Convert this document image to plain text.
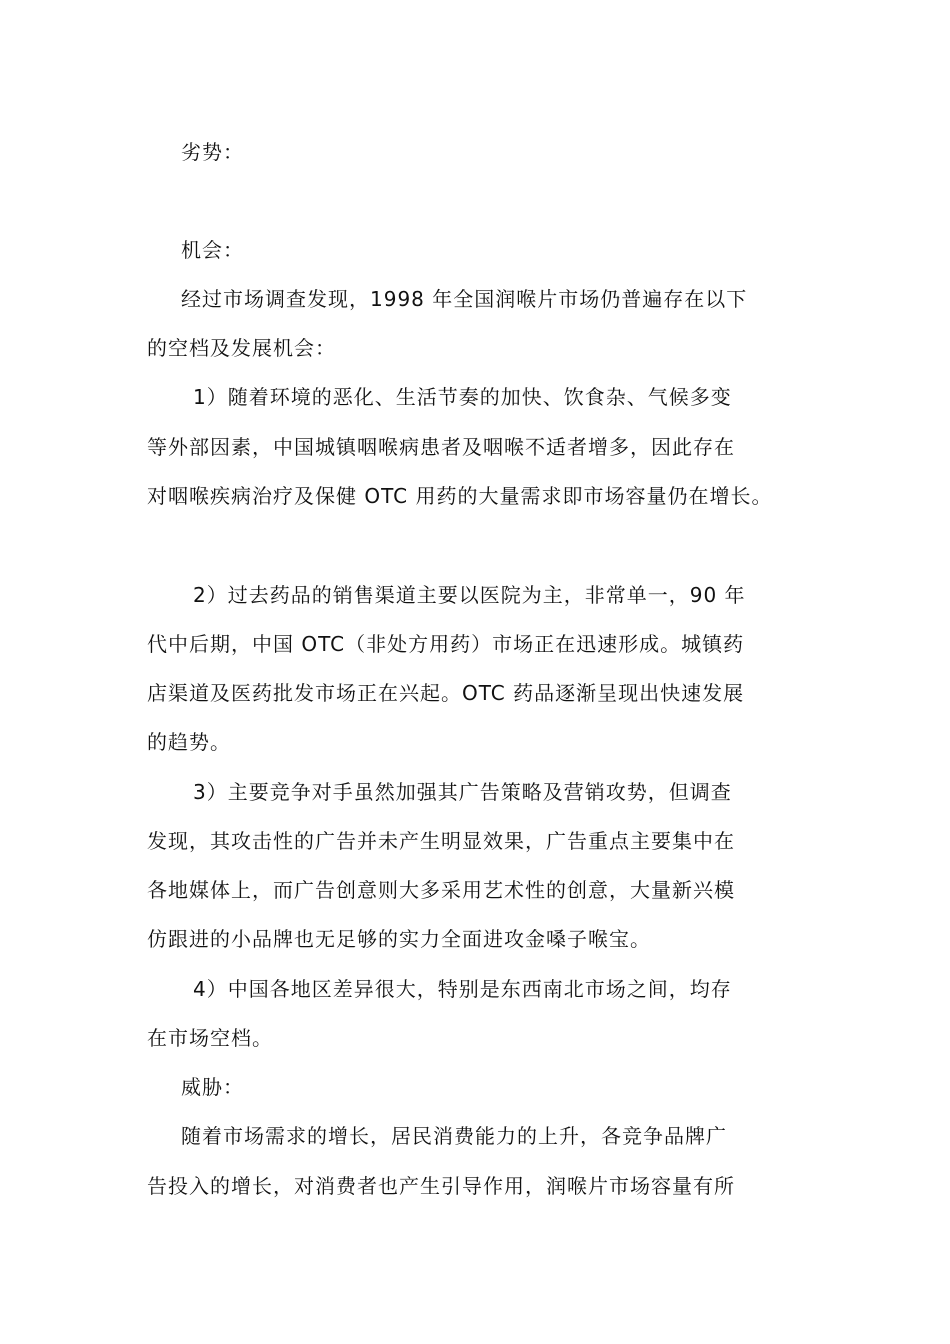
劣势：
机会：
经过市场调查发现，1998 年全国润喉片市场仍普遍存在以下
的空档及发展机会：
1）随着环境的恶化、生活节奏的加快、饮食杂、气候多变
等外部因素，中国城镇咽喉病患者及咽喉不适者增多，因此存在
对咽喉疾病治疗及保健 OTC 用药的大量需求即市场容量仍在增长。
2）过去药品的销售渠道主要以医院为主，非常单一，90 年
代中后期，中国 OTC（非处方用药）市场正在迅速形成。城镇药
店渠道及医药批发市场正在兴起。OTC 药品逐渐呈现出快速发展
的趋势。
3）主要竞争对手虽然加强其广告策略及营销攻势，但调查
发现，其攻击性的广告并未产生明显效果，广告重点主要集中在
各地媒体上，而广告创意则大多采用艺术性的创意，大量新兴模
仿跟进的小品牌也无足够的实力全面进攻金嗓子喉宝。
4）中国各地区差异很大，特别是东西南北市场之间，均存
在市场空档。
威胁：
随着市场需求的增长，居民消费能力的上升，各竞争品牌广
告投入的增长，对消费者也产生引导作用，润喉片市场容量有所
